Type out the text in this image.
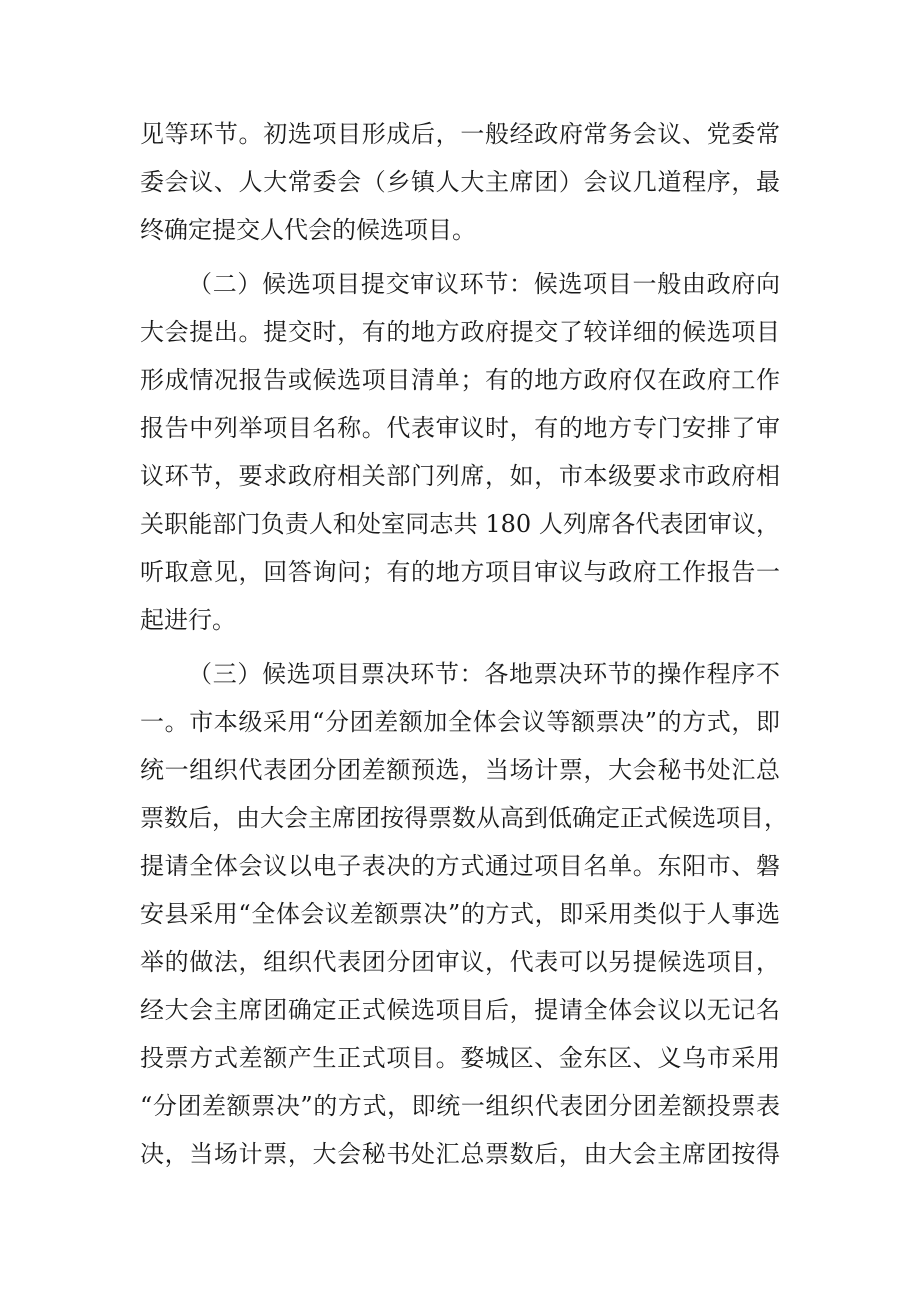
见等环节。初选项目形成后，一般经政府常务会议、党委常
委会议、人大常委会（乡镇人大主席团）会议几道程序，最
终确定提交人代会的候选项目。
（二）候选项目提交审议环节：候选项目一般由政府向
大会提出。提交时，有的地方政府提交了较详细的候选项目
形成情况报告或候选项目清单；有的地方政府仅在政府工作
报告中列举项目名称。代表审议时，有的地方专门安排了审
议环节，要求政府相关部门列席，如，市本级要求市政府相
关职能部门负责人和处室同志共 180 人列席各代表团审议，
听取意见，回答询问；有的地方项目审议与政府工作报告一
起进行。
（三）候选项目票决环节：各地票决环节的操作程序不
一。市本级采用“分团差额加全体会议等额票决”的方式，即
统一组织代表团分团差额预选，当场计票，大会秘书处汇总
票数后，由大会主席团按得票数从高到低确定正式候选项目，
提请全体会议以电子表决的方式通过项目名单。东阳市、磐
安县采用“全体会议差额票决”的方式，即采用类似于人事选
举的做法，组织代表团分团审议，代表可以另提候选项目，
经大会主席团确定正式候选项目后，提请全体会议以无记名
投票方式差额产生正式项目。婺城区、金东区、义乌市采用
“分团差额票决”的方式，即统一组织代表团分团差额投票表
决，当场计票，大会秘书处汇总票数后，由大会主席团按得
